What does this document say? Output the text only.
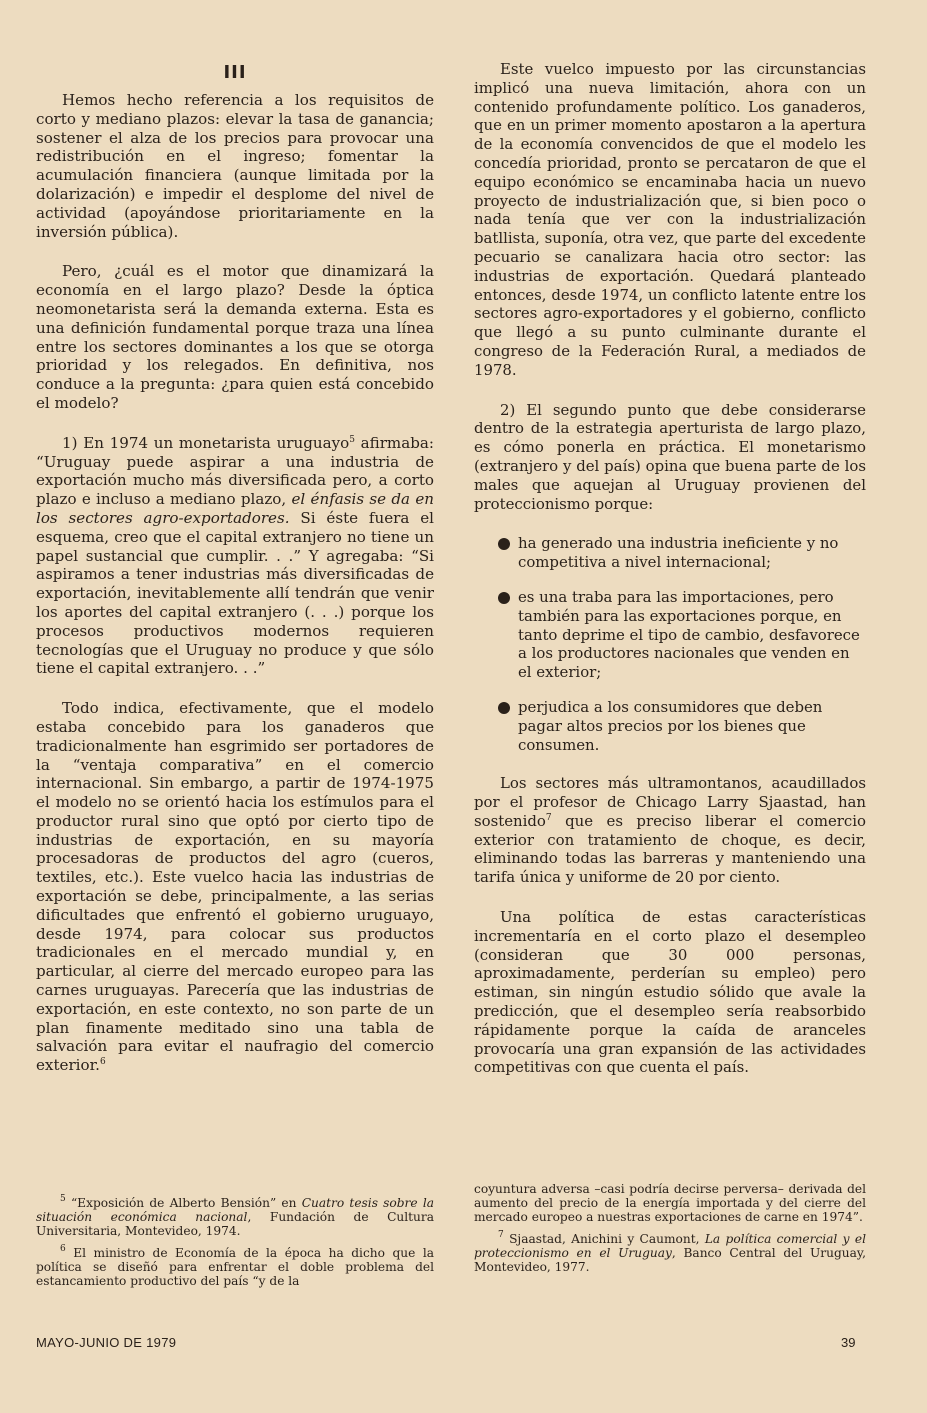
III

Hemos hecho referencia a los requisitos de corto y mediano plazos: elevar la tasa de ganancia; sostener el alza de los precios para provocar una redistribución en el ingreso; fomentar la acumulación financiera (aunque limitada por la dolarización) e impedir el desplome del nivel de actividad (apoyándose prioritariamente en la inversión pública).

Pero, ¿cuál es el motor que dinamizará la economía en el largo plazo? Desde la óptica neomonetarista será la demanda externa. Esta es una definición fundamental porque traza una línea entre los sectores dominantes a los que se otorga prioridad y los relegados. En definitiva, nos conduce a la pregunta: ¿para quien está concebido el modelo?

1) En 1974 un monetarista uruguayo$^5$ afirmaba: “Uruguay puede aspirar a una industria de exportación mucho más diversificada pero, a corto plazo e incluso a mediano plazo, el énfasis se da en los sectores agro-exportadores. Si éste fuera el esquema, creo que el capital extranjero no tiene un papel sustancial que cumplir. . .” Y agregaba: “Si aspiramos a tener industrias más diversificadas de exportación, inevitablemente allí tendrán que venir los aportes del capital extranjero (. . .) porque los procesos productivos modernos requieren tecnologías que el Uruguay no produce y que sólo tiene el capital extranjero. . .”

Todo indica, efectivamente, que el modelo estaba concebido para los ganaderos que tradicionalmente han esgrimido ser portadores de la “ventaja comparativa” en el comercio internacional. Sin embargo, a partir de 1974-1975 el modelo no se orientó hacia los estímulos para el productor rural sino que optó por cierto tipo de industrias de exportación, en su mayoría procesadoras de productos del agro (cueros, textiles, etc.). Este vuelco hacia las industrias de exportación se debe, principalmente, a las serias dificultades que enfrentó el gobierno uruguayo, desde 1974, para colocar sus productos tradicionales en el mercado mundial y, en particular, al cierre del mercado europeo para las carnes uruguayas. Parecería que las industrias de exportación, en este contexto, no son parte de un plan finamente meditado sino una tabla de salvación para evitar el naufragio del comercio exterior.$^6$

$^5$ “Exposición de Alberto Bensión” en Cuatro tesis sobre la situación económica nacional, Fundación de Cultura Universitaria, Montevideo, 1974.

$^6$ El ministro de Economía de la época ha dicho que la política se diseñó para enfrentar el doble problema del estancamiento productivo del país “y de la

Este vuelco impuesto por las circunstancias implicó una nueva limitación, ahora con un contenido profundamente político. Los ganaderos, que en un primer momento apostaron a la apertura de la economía convencidos de que el modelo les concedía prioridad, pronto se percataron de que el equipo económico se encaminaba hacia un nuevo proyecto de industrialización que, si bien poco o nada tenía que ver con la industrialización batllista, suponía, otra vez, que parte del excedente pecuario se canalizara hacia otro sector: las industrias de exportación. Quedará planteado entonces, desde 1974, un conflicto latente entre los sectores agro-exportadores y el gobierno, conflicto que llegó a su punto culminante durante el congreso de la Federación Rural, a mediados de 1978.

2) El segundo punto que debe considerarse dentro de la estrategia aperturista de largo plazo, es cómo ponerla en práctica. El monetarismo (extranjero y del país) opina que buena parte de los males que aquejan al Uruguay provienen del proteccionismo porque:

ha generado una industria ineficiente y no competitiva a nivel internacional;
es una traba para las importaciones, pero también para las exportaciones porque, en tanto deprime el tipo de cambio, desfavorece a los productores nacionales que venden en el exterior;
perjudica a los consumidores que deben pagar altos precios por los bienes que consumen.

Los sectores más ultramontanos, acaudillados por el profesor de Chicago Larry Sjaastad, han sostenido$^7$ que es preciso liberar el comercio exterior con tratamiento de choque, es decir, eliminando todas las barreras y manteniendo una tarifa única y uniforme de 20 por ciento.

Una política de estas características incrementaría en el corto plazo el desempleo (consideran que 30 000 personas, aproximadamente, perderían su empleo) pero estiman, sin ningún estudio sólido que avale la predicción, que el desempleo sería reabsorbido rápidamente porque la caída de aranceles provocaría una gran expansión de las actividades competitivas con que cuenta el país.

coyuntura adversa –casi podría decirse perversa– derivada del aumento del precio de la energía importada y del cierre del mercado europeo a nuestras exportaciones de carne en 1974”.

$^7$ Sjaastad, Anichini y Caumont, La política comercial y el proteccionismo en el Uruguay, Banco Central del Uruguay, Montevideo, 1977.

MAYO-JUNIO DE 1979	39
